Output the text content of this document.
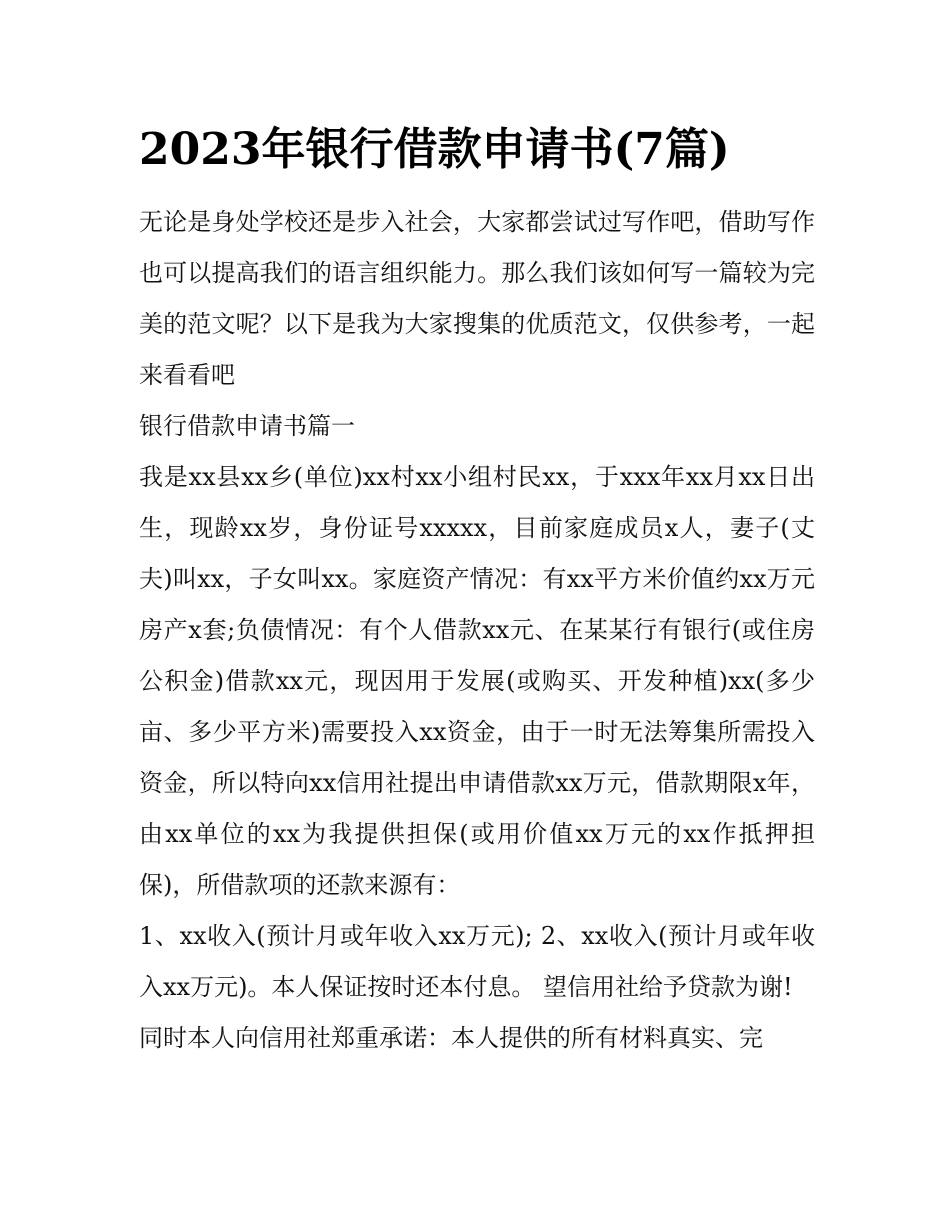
2023年银行借款申请书(7篇)

无论是身处学校还是步入社会，大家都尝试过写作吧，借助写作也可以提高我们的语言组织能力。那么我们该如何写一篇较为完美的范文呢？以下是我为大家搜集的优质范文，仅供参考，一起来看看吧

银行借款申请书篇一

我是xx县xx乡(单位)xx村xx小组村民xx，于xxx年xx月xx日出生，现龄xx岁，身份证号xxxxx，目前家庭成员x人，妻子(丈夫)叫xx，子女叫xx。家庭资产情况：有xx平方米价值约xx万元房产x套;负债情况：有个人借款xx元、在某某行有银行(或住房公积金)借款xx元，现因用于发展(或购买、开发种植)xx(多少亩、多少平方米)需要投入xx资金，由于一时无法筹集所需投入资金，所以特向xx信用社提出申请借款xx万元，借款期限x年，由xx单位的xx为我提供担保(或用价值xx万元的xx作抵押担保)，所借款项的还款来源有：

1、xx收入(预计月或年收入xx万元); 2、xx收入(预计月或年收入xx万元)。本人保证按时还本付息。 望信用社给予贷款为谢!

同时本人向信用社郑重承诺：本人提供的所有材料真实、完
